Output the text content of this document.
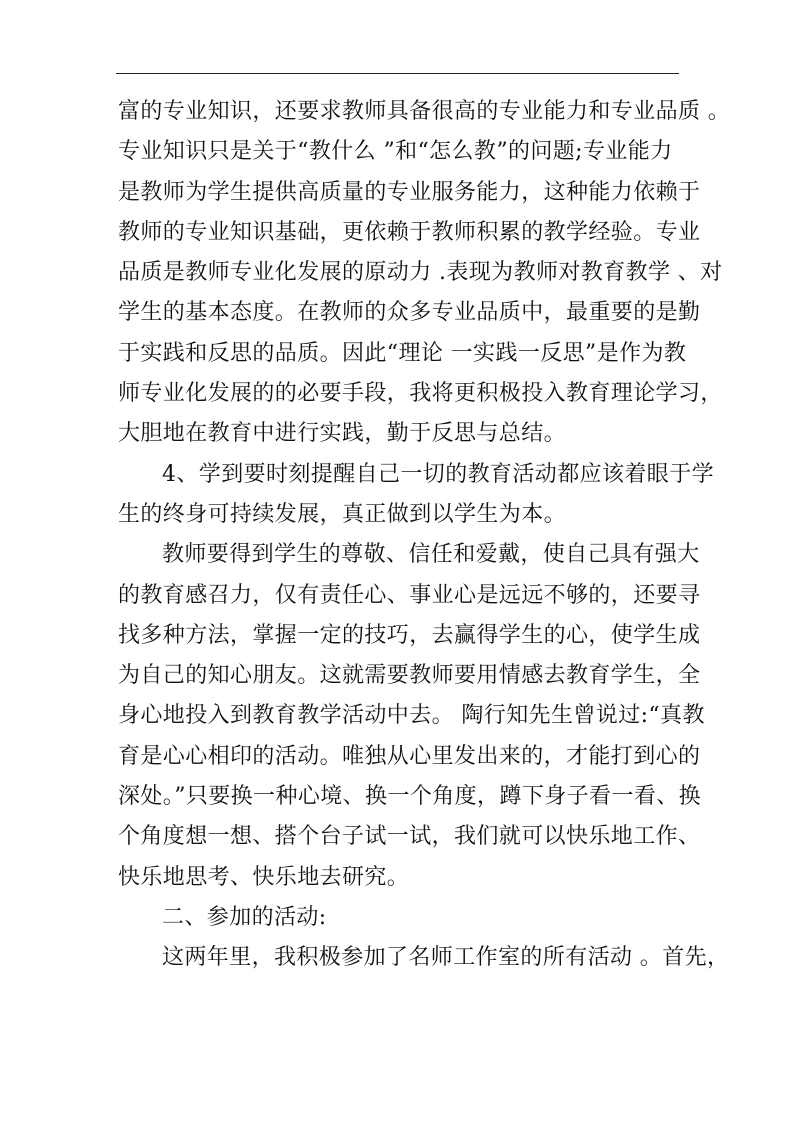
富的专业知识，还要求教师具备很高的专业能力和专业品质 。
专业知识只是关于“教什么 ”和“怎么教”的问题;专业能力
是教师为学生提供高质量的专业服务能力，这种能力依赖于
教师的专业知识基础，更依赖于教师积累的教学经验。专业
品质是教师专业化发展的原动力 .表现为教师对教育教学 、对
学生的基本态度。在教师的众多专业品质中，最重要的是勤
于实践和反思的品质。因此“理论 一实践一反思”是作为教
师专业化发展的的必要手段，我将更积极投入教育理论学习，
大胆地在教育中进行实践，勤于反思与总结。
4、学到要时刻提醒自己一切的教育活动都应该着眼于学
生的终身可持续发展，真正做到以学生为本。
教师要得到学生的尊敬、信任和爱戴，使自己具有强大
的教育感召力，仅有责任心、事业心是远远不够的，还要寻
找多种方法，掌握一定的技巧，去赢得学生的心，使学生成
为自己的知心朋友。这就需要教师要用情感去教育学生，全
身心地投入到教育教学活动中去。 陶行知先生曾说过:“真教
育是心心相印的活动。唯独从心里发出来的，才能打到心的
深处。”只要换一种心境、换一个角度，蹲下身子看一看、换
个角度想一想、搭个台子试一试，我们就可以快乐地工作、
快乐地思考、快乐地去研究。
二、参加的活动:
这两年里，我积极参加了名师工作室的所有活动 。首先，
